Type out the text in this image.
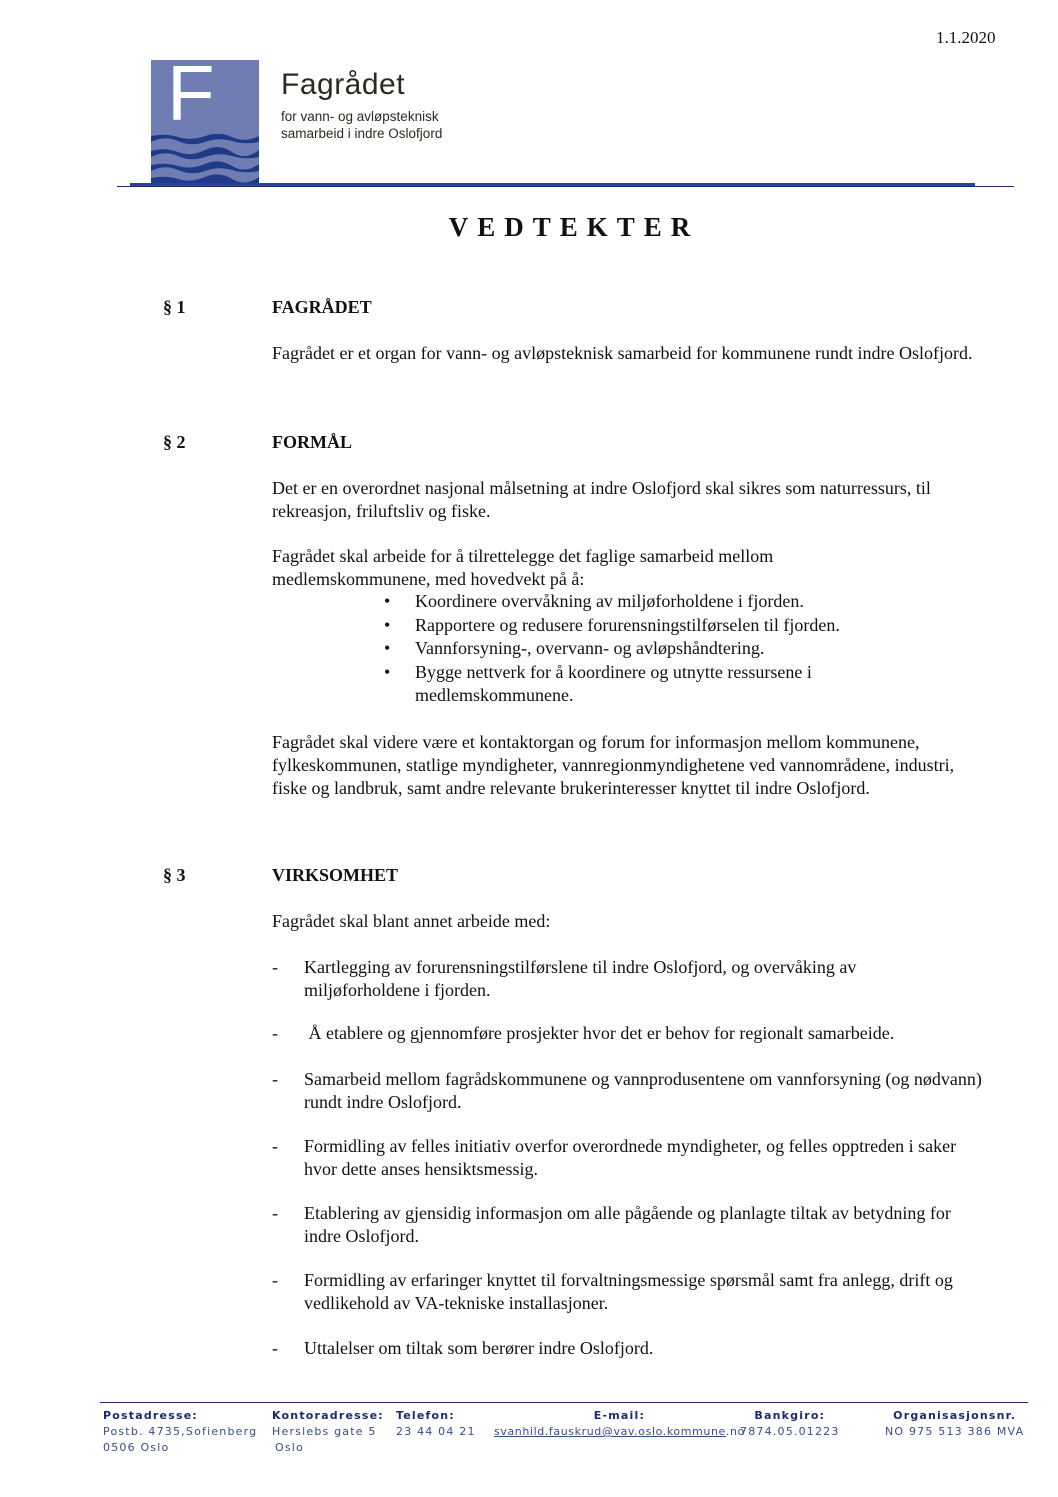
1.1.2020
F Fagrådet
for vann- og avløpsteknisk
samarbeid i indre Oslofjord
VEDTEKTER
§ 1	FAGRÅDET

Fagrådet er et organ for vann- og avløpsteknisk samarbeid for kommunene rundt indre Oslofjord.

§ 2	FORMÅL

Det er en overordnet nasjonal målsetning at indre Oslofjord skal sikres som naturressurs, til rekreasjon, friluftsliv og fiske.

Fagrådet skal arbeide for å tilrettelegge det faglige samarbeid mellom medlemskommunene, med hovedvekt på å:

• Koordinere overvåkning av miljøforholdene i fjorden.
• Rapportere og redusere forurensningstilførselen til fjorden.
• Vannforsyning-, overvann- og avløpshåndtering.
• Bygge nettverk for å koordinere og utnytte ressursene i medlemskommunene.

Fagrådet skal videre være et kontaktorgan og forum for informasjon mellom kommunene, fylkeskommunen, statlige myndigheter, vannregionmyndighetene ved vannområdene, industri, fiske og landbruk, samt andre relevante brukerinteresser knyttet til indre Oslofjord.

§ 3	VIRKSOMHET

Fagrådet skal blant annet arbeide med:

- Kartlegging av forurensningstilførslene til indre Oslofjord, og overvåking av miljøforholdene i fjorden.
- Å etablere og gjennomføre prosjekter hvor det er behov for regionalt samarbeide.
- Samarbeid mellom fagrådskommunene og vannprodusentene om vannforsyning (og nødvann) rundt indre Oslofjord.
- Formidling av felles initiativ overfor overordnede myndigheter, og felles opptreden i saker hvor dette anses hensiktsmessig.
- Etablering av gjensidig informasjon om alle pågående og planlagte tiltak av betydning for indre Oslofjord.
- Formidling av erfaringer knyttet til forvaltningsmessige spørsmål samt fra anlegg, drift og vedlikehold av VA-tekniske installasjoner.
- Uttalelser om tiltak som berører indre Oslofjord.
Postadresse:
Postb. 4735,Sofienberg
0506 Oslo
Kontoradresse:
Herslebs gate 5
Oslo
Telefon:
23 44 04 21
E-mail:
svanhild.fauskrud@vav.oslo.kommune.no
Bankgiro:
7874.05.01223
Organisasjonsnr.
NO 975 513 386 MVA
